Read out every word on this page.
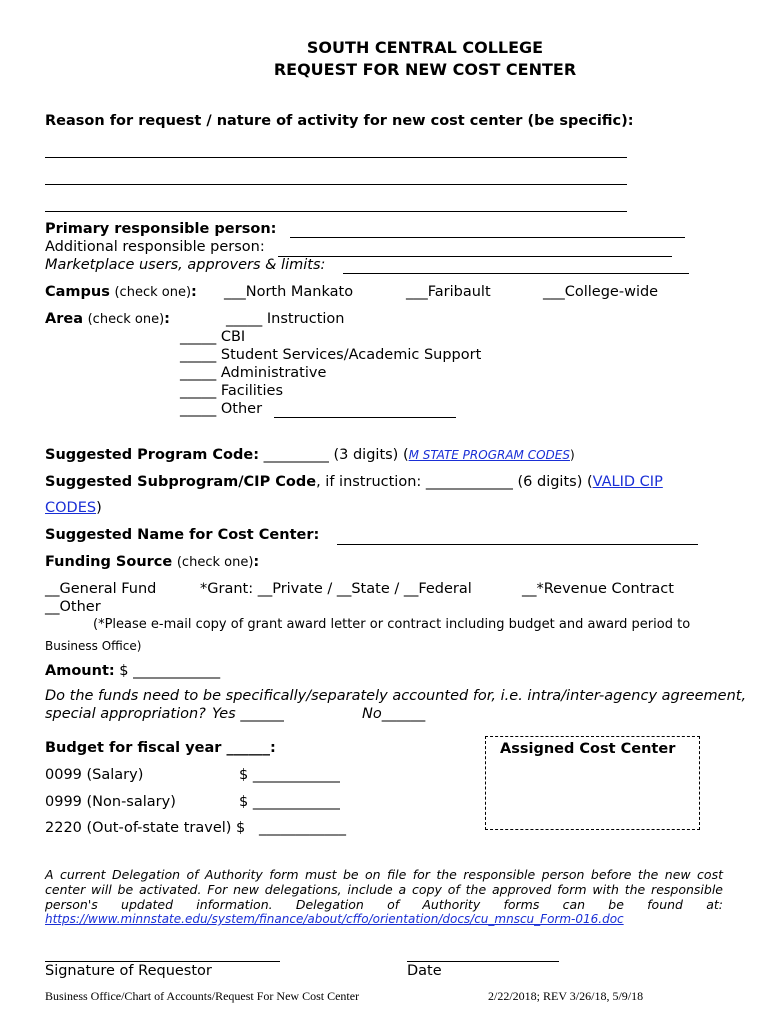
SOUTH CENTRAL COLLEGE
REQUEST FOR NEW COST CENTER
Reason for request / nature of activity for new cost center (be specific):
Primary responsible person:
Additional responsible person:
Marketplace users, approvers & limits:
Campus (check one): ___North Mankato	___Faribault	___College-wide
Area (check one):	_____ Instruction
_____ CBI
_____ Student Services/Academic Support
_____ Administrative
_____ Facilities
_____ Other
Suggested Program Code: _________ (3 digits) (M STATE PROGRAM CODES)
Suggested Subprogram/CIP Code, if instruction: ____________ (6 digits) (VALID CIP
CODES)
Suggested Name for Cost Center:
Funding Source (check one):
__General Fund	*Grant: __Private / __State / __Federal	__*Revenue Contract
__Other
(*Please e-mail copy of grant award letter or contract including budget and award period to
Business Office)
Amount: $ ____________
Do the funds need to be specifically/separately accounted for, i.e. intra/inter-agency agreement,
special appropriation? Yes ______	No______
Budget for fiscal year ______:
0099 (Salary)	$ ____________
0999 (Non-salary)	$ ____________
2220 (Out-of-state travel) $ ____________
Assigned Cost Center
A current Delegation of Authority form must be on file for the responsible person before the new cost
center will be activated. For new delegations, include a copy of the approved form with the responsible
person's updated information. Delegation of Authority forms can be found at:
https://www.minnstate.edu/system/finance/about/cffo/orientation/docs/cu_mnscu_Form-016.doc
Signature of Requestor	Date
Business Office/Chart of Accounts/Request For New Cost Center	2/22/2018; REV 3/26/18, 5/9/18
